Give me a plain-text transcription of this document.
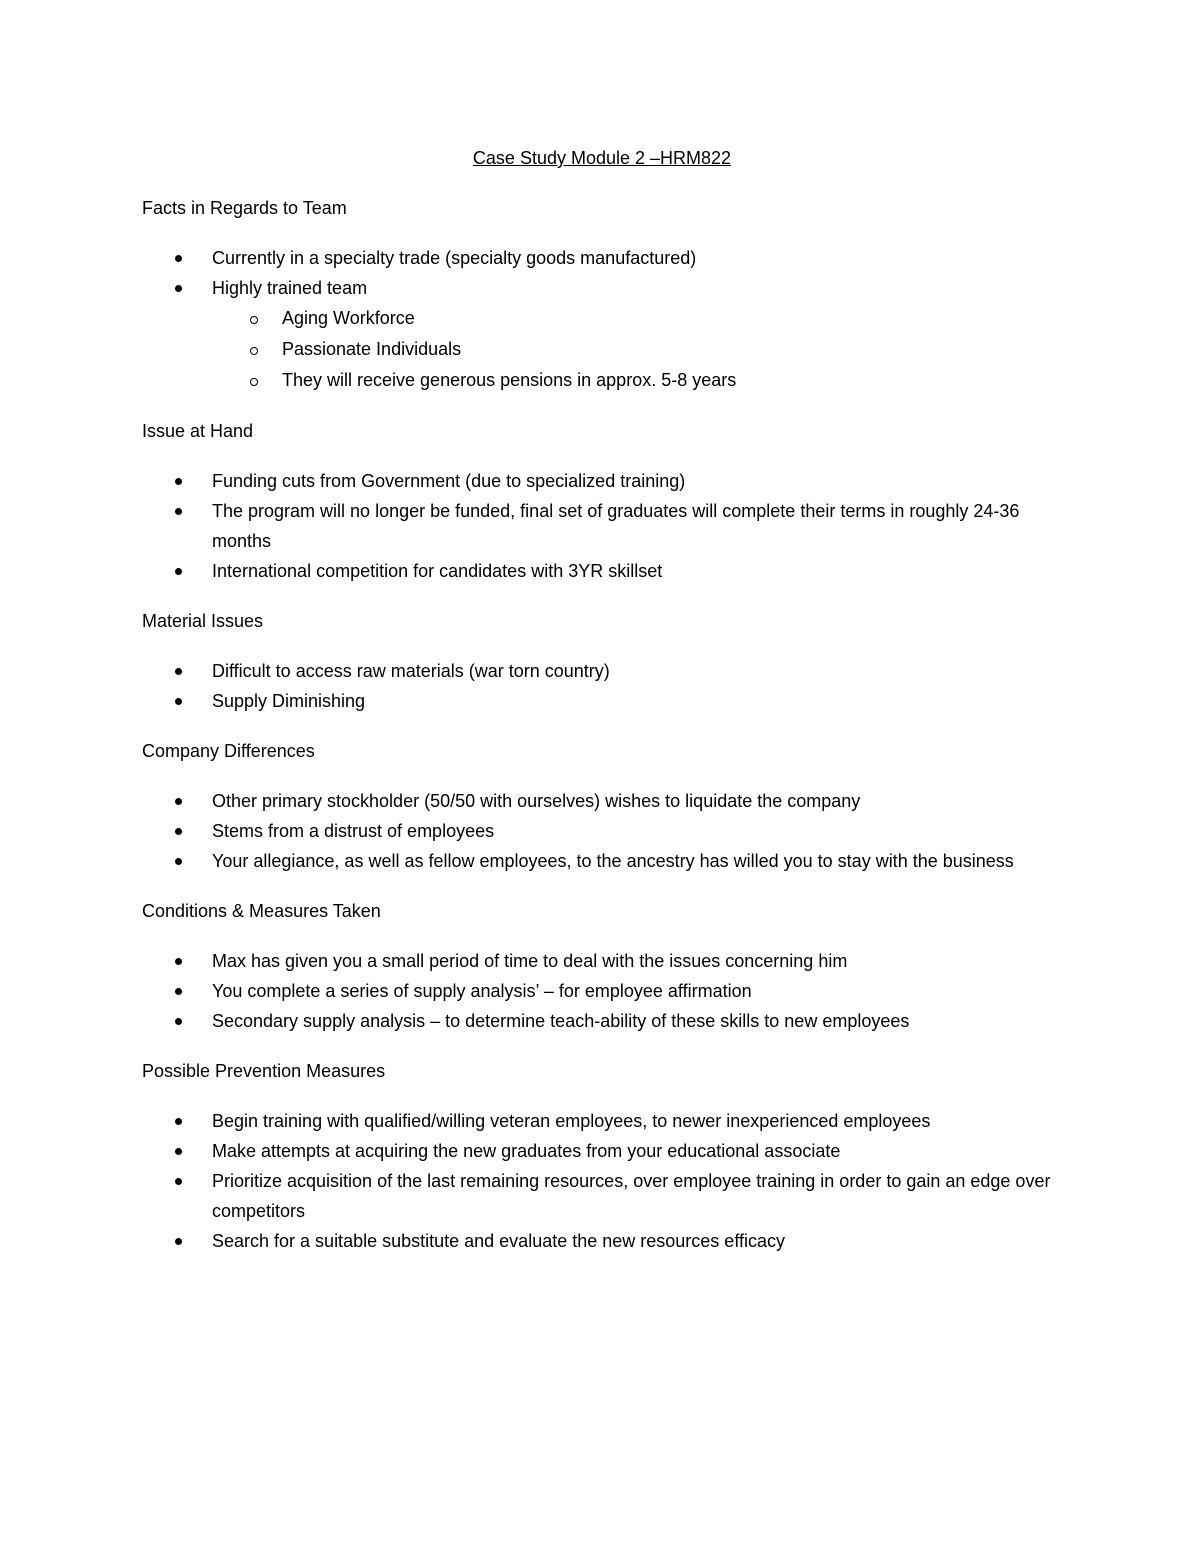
Case Study Module 2 –HRM822
Facts in Regards to Team
Currently in a specialty trade (specialty goods manufactured)
Highly trained team
Aging Workforce
Passionate Individuals
They will receive generous pensions in approx. 5-8 years
Issue at Hand
Funding cuts from Government (due to specialized training)
The program will no longer be funded, final set of graduates will complete their terms in roughly 24-36 months
International competition for candidates with 3YR skillset
Material Issues
Difficult to access raw materials (war torn country)
Supply Diminishing
Company Differences
Other primary stockholder (50/50 with ourselves) wishes to liquidate the company
Stems from a distrust of employees
Your allegiance, as well as fellow employees, to the ancestry has willed you to stay with the business
Conditions & Measures Taken
Max has given you a small period of time to deal with the issues concerning him
You complete a series of supply analysis’ – for employee affirmation
Secondary supply analysis – to determine teach-ability of these skills to new employees
Possible Prevention Measures
Begin training with qualified/willing veteran employees, to newer inexperienced employees
Make attempts at acquiring the new graduates from your educational associate
Prioritize acquisition of the last remaining resources, over employee training in order to gain an edge over competitors
Search for a suitable substitute and evaluate the new resources efficacy
